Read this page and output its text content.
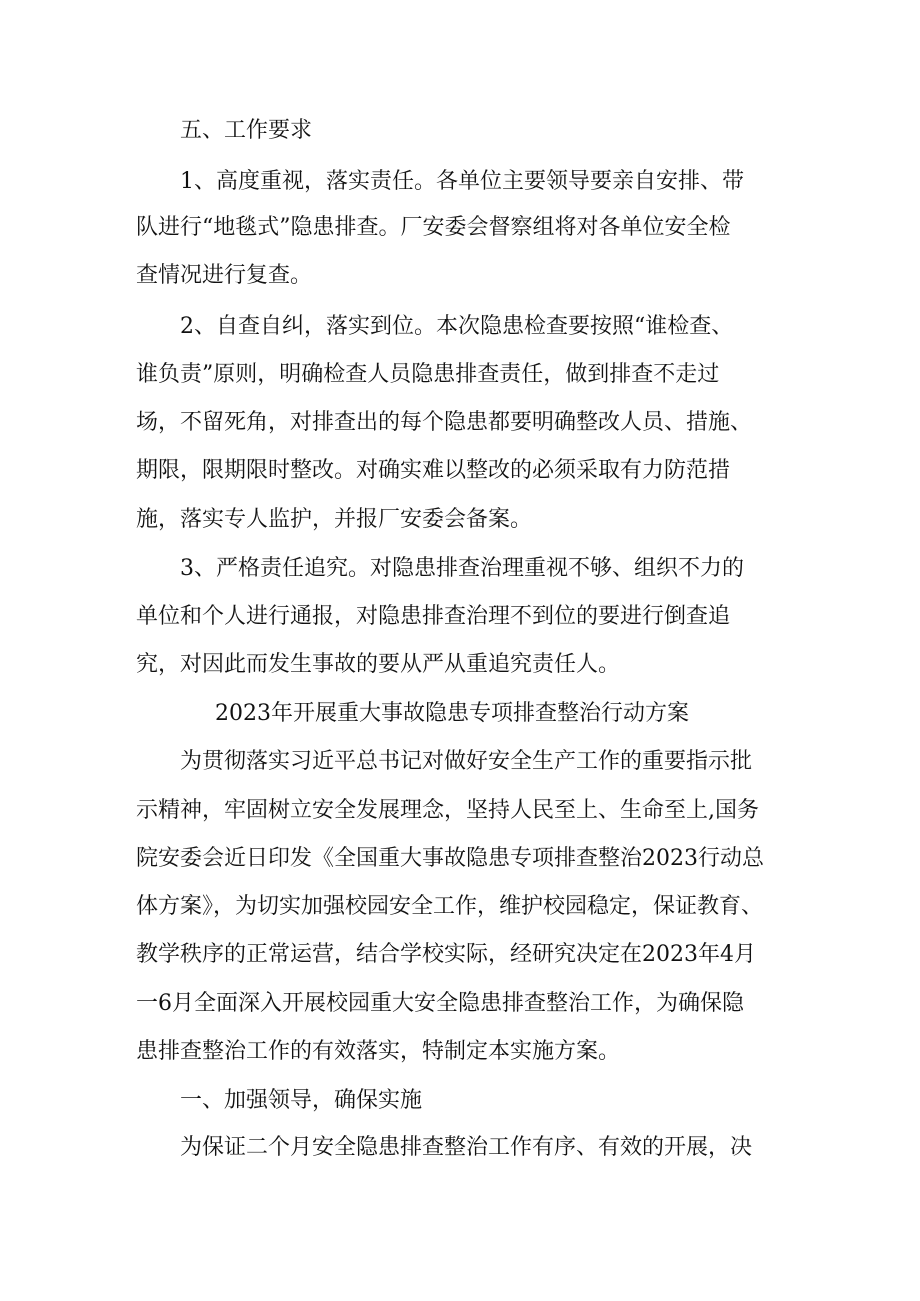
五、工作要求
1、高度重视，落实责任。各单位主要领导要亲自安排、带
队进行“地毯式”隐患排查。厂安委会督察组将对各单位安全检
查情况进行复查。
2、自查自纠，落实到位。本次隐患检查要按照“谁检查、
谁负责”原则，明确检查人员隐患排查责任，做到排查不走过
场，不留死角，对排查出的每个隐患都要明确整改人员、措施、
期限，限期限时整改。对确实难以整改的必须采取有力防范措
施，落实专人监护，并报厂安委会备案。
3、严格责任追究。对隐患排查治理重视不够、组织不力的
单位和个人进行通报，对隐患排查治理不到位的要进行倒查追
究，对因此而发生事故的要从严从重追究责任人。
2023年开展重大事故隐患专项排查整治行动方案
为贯彻落实习近平总书记对做好安全生产工作的重要指示批
示精神，牢固树立安全发展理念，坚持人民至上、生命至上,国务
院安委会近日印发《全国重大事故隐患专项排查整治2023行动总
体方案》，为切实加强校园安全工作，维护校园稳定，保证教育、
教学秩序的正常运营，结合学校实际，经研究决定在2023年4月
一6月全面深入开展校园重大安全隐患排查整治工作，为确保隐
患排查整治工作的有效落实，特制定本实施方案。
一、加强领导，确保实施
为保证二个月安全隐患排查整治工作有序、有效的开展，决
